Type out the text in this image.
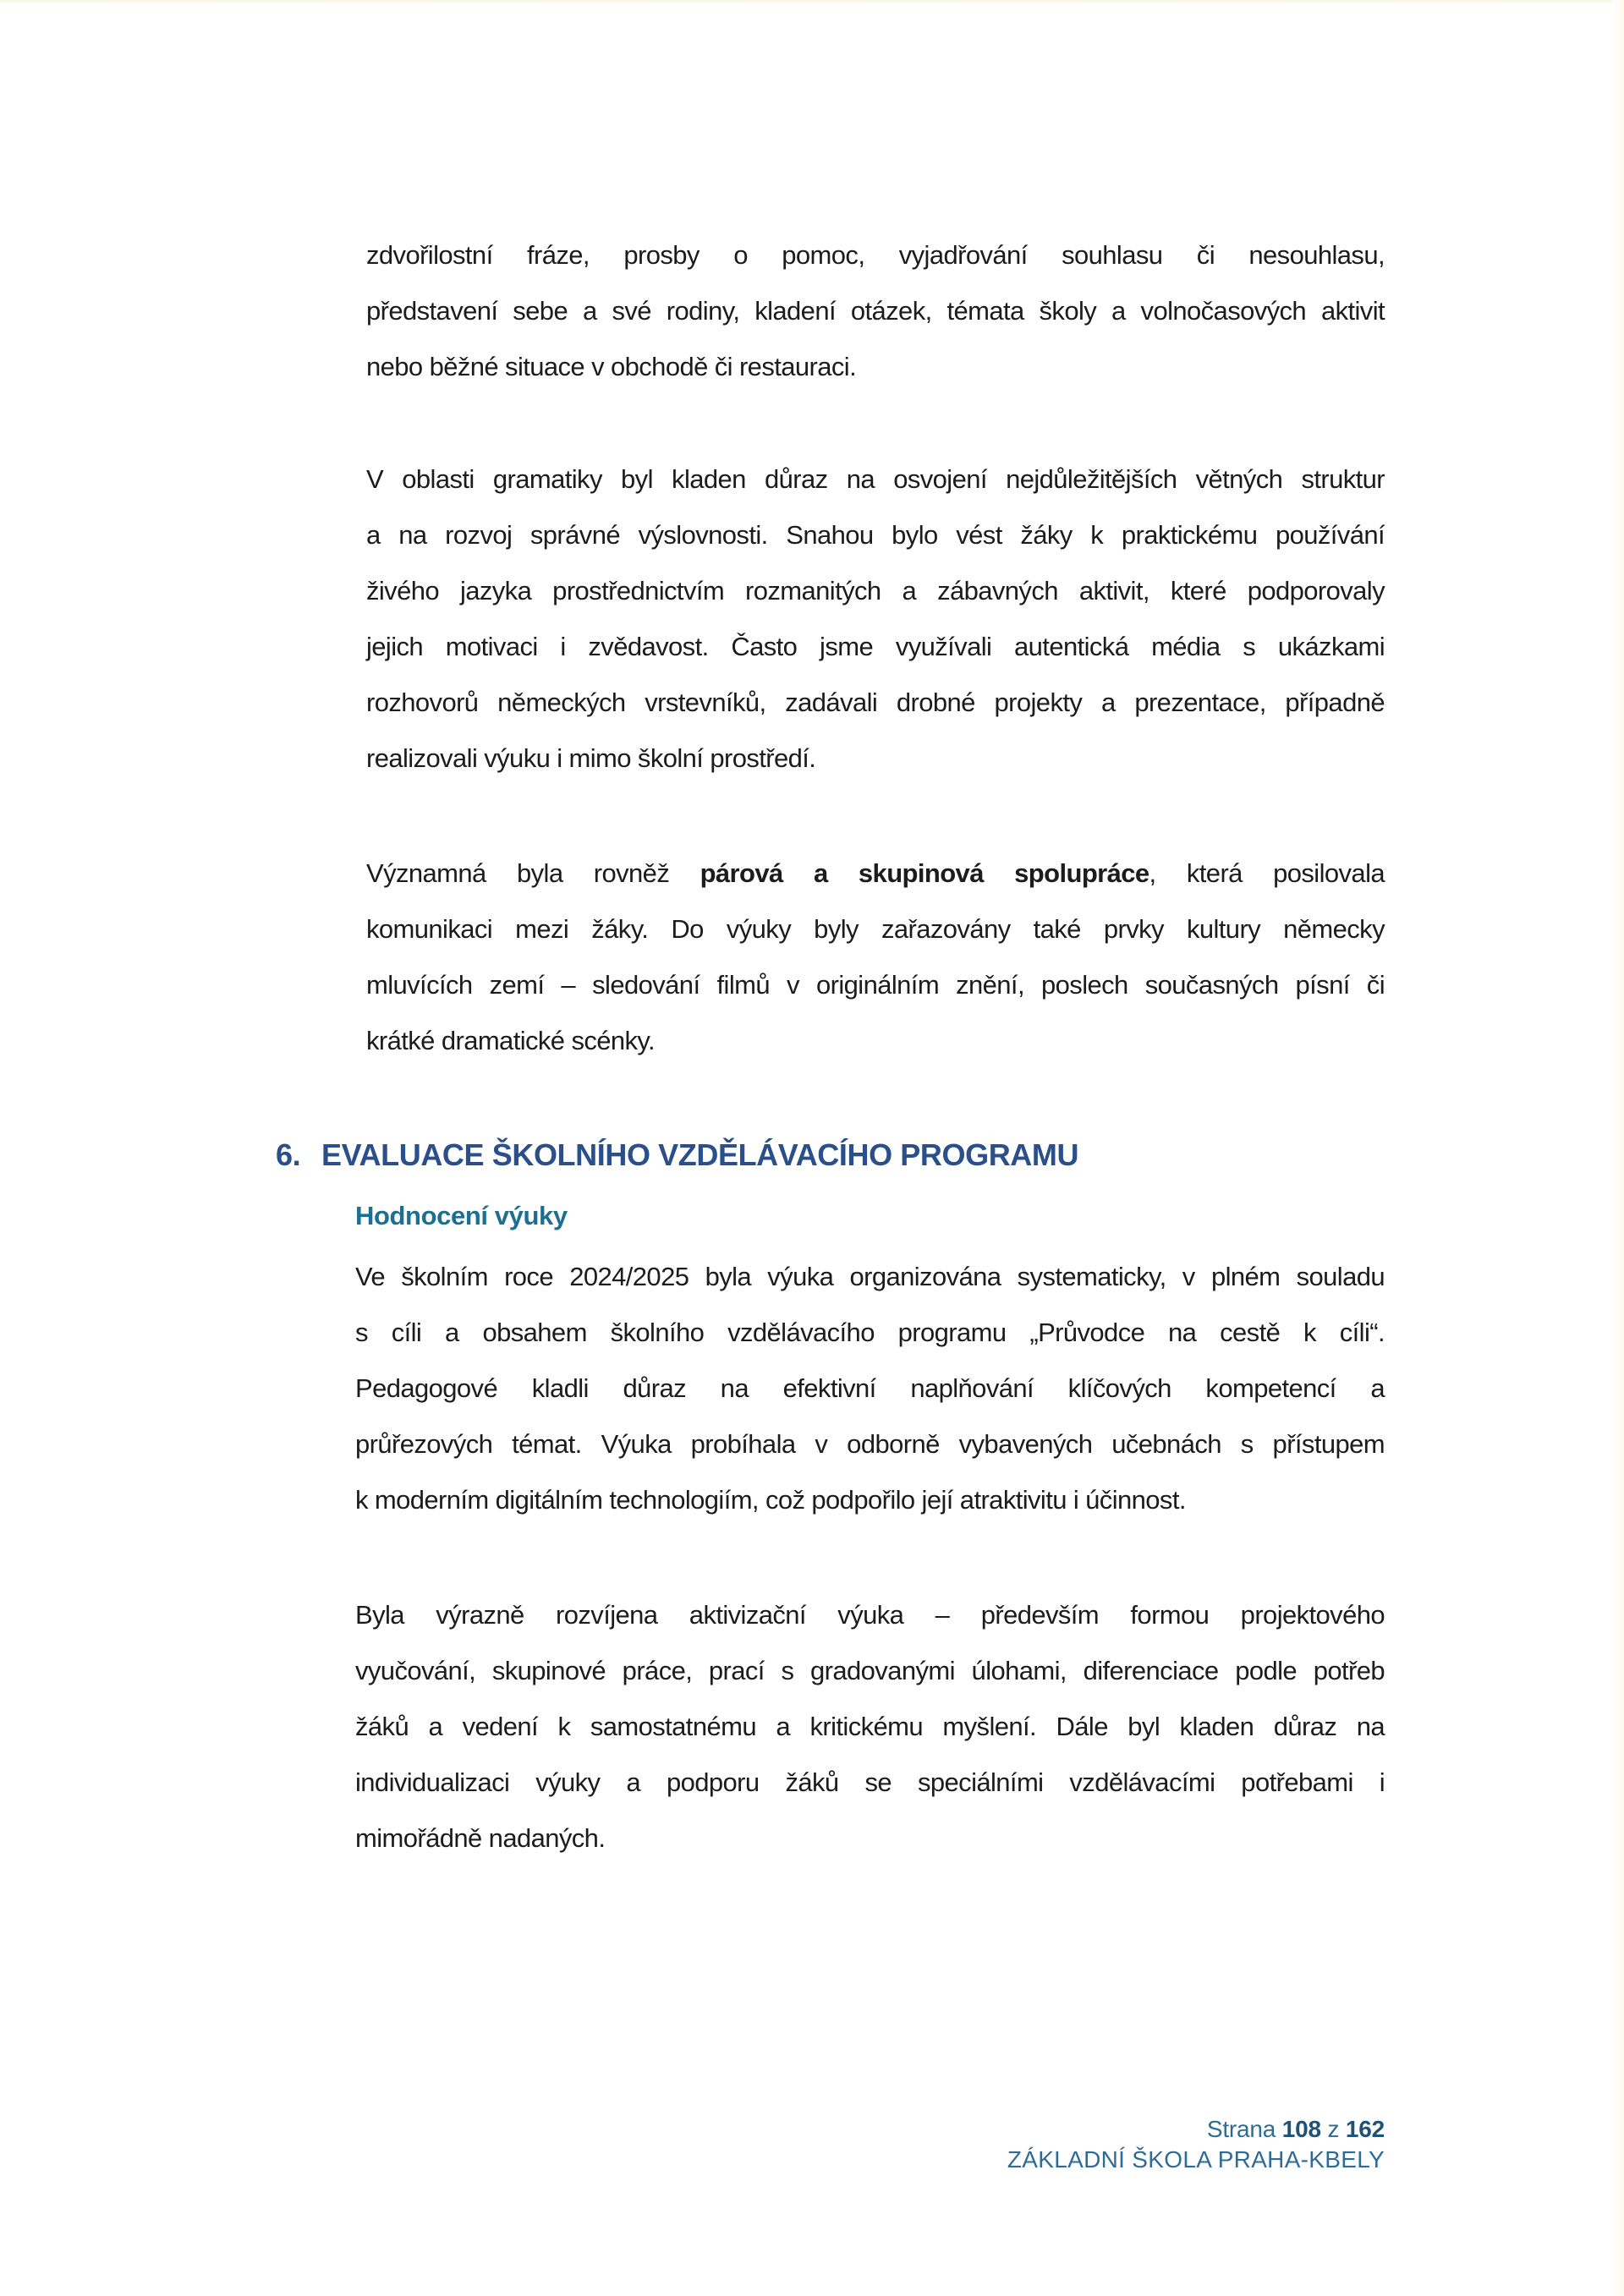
zdvořilostní fráze, prosby o pomoc, vyjadřování souhlasu či nesouhlasu,
představení sebe a své rodiny, kladení otázek, témata školy a volnočasových aktivit
nebo běžné situace v obchodě či restauraci.
V oblasti gramatiky byl kladen důraz na osvojení nejdůležitějších větných struktur
a na rozvoj správné výslovnosti. Snahou bylo vést žáky k praktickému používání
živého jazyka prostřednictvím rozmanitých a zábavných aktivit, které podporovaly
jejich motivaci i zvědavost. Často jsme využívali autentická média s ukázkami
rozhovorů německých vrstevníků, zadávali drobné projekty a prezentace, případně
realizovali výuku i mimo školní prostředí.
Významná byla rovněž párová a skupinová spolupráce, která posilovala
komunikaci mezi žáky. Do výuky byly zařazovány také prvky kultury německy
mluvících zemí – sledování filmů v originálním znění, poslech současných písní či
krátké dramatické scénky.
6. EVALUACE ŠKOLNÍHO VZDĚLÁVACÍHO PROGRAMU
Hodnocení výuky
Ve školním roce 2024/2025 byla výuka organizována systematicky, v plném souladu
s cíli a obsahem školního vzdělávacího programu „Průvodce na cestě k cíli“.
Pedagogové kladli důraz na efektivní naplňování klíčových kompetencí a
průřezových témat. Výuka probíhala v odborně vybavených učebnách s přístupem
k moderním digitálním technologiím, což podpořilo její atraktivitu i účinnost.
Byla výrazně rozvíjena aktivizační výuka – především formou projektového
vyučování, skupinové práce, prací s gradovanými úlohami, diferenciace podle potřeb
žáků a vedení k samostatnému a kritickému myšlení. Dále byl kladen důraz na
individualizaci výuky a podporu žáků se speciálními vzdělávacími potřebami i
mimořádně nadaných.
Strana 108 z 162
ZÁKLADNÍ ŠKOLA PRAHA-KBELY
